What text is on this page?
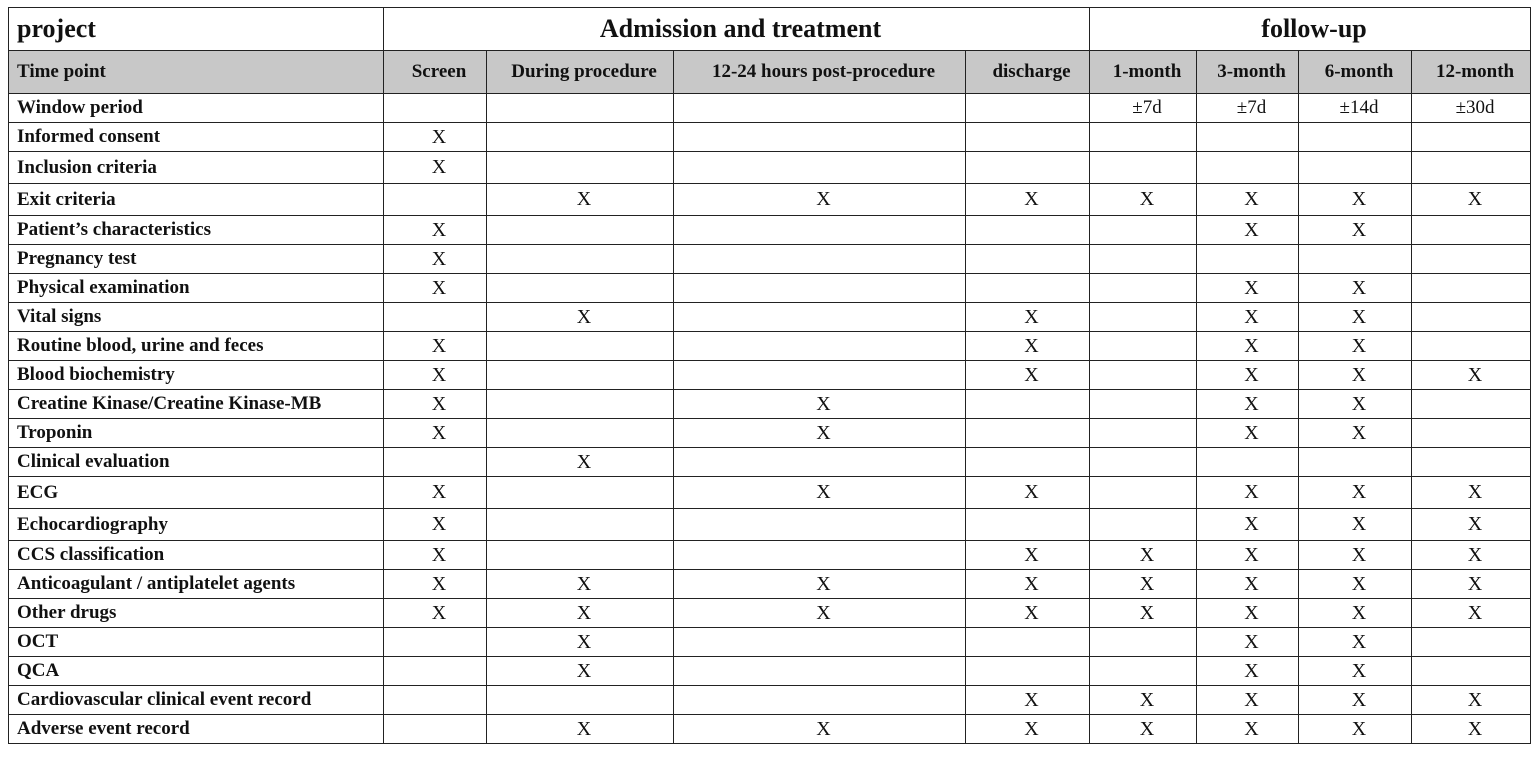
project	Admission and treatment				follow-up			
Time point	Screen	During procedure	12-24 hours post-procedure	discharge	1-month	3-month	6-month	12-month
Window period					±7d	±7d	±14d	±30d
Informed consent	X							
Inclusion criteria	X							
Exit criteria		X	X	X	X	X	X	X
Patient’s characteristics	X					X	X	
Pregnancy test	X							
Physical examination	X					X	X	
Vital signs		X		X		X	X	
Routine blood, urine and feces	X			X		X	X	
Blood biochemistry	X			X		X	X	X
Creatine Kinase/Creatine Kinase-MB	X		X			X	X	
Troponin	X		X			X	X	
Clinical evaluation		X						
ECG	X		X	X		X	X	X
Echocardiography	X					X	X	X
CCS classification	X			X	X	X	X	X
Anticoagulant / antiplatelet agents	X	X	X	X	X	X	X	X
Other drugs	X	X	X	X	X	X	X	X
OCT		X				X	X	
QCA		X				X	X	
Cardiovascular clinical event record				X	X	X	X	X
Adverse event record		X	X	X	X	X	X	X
